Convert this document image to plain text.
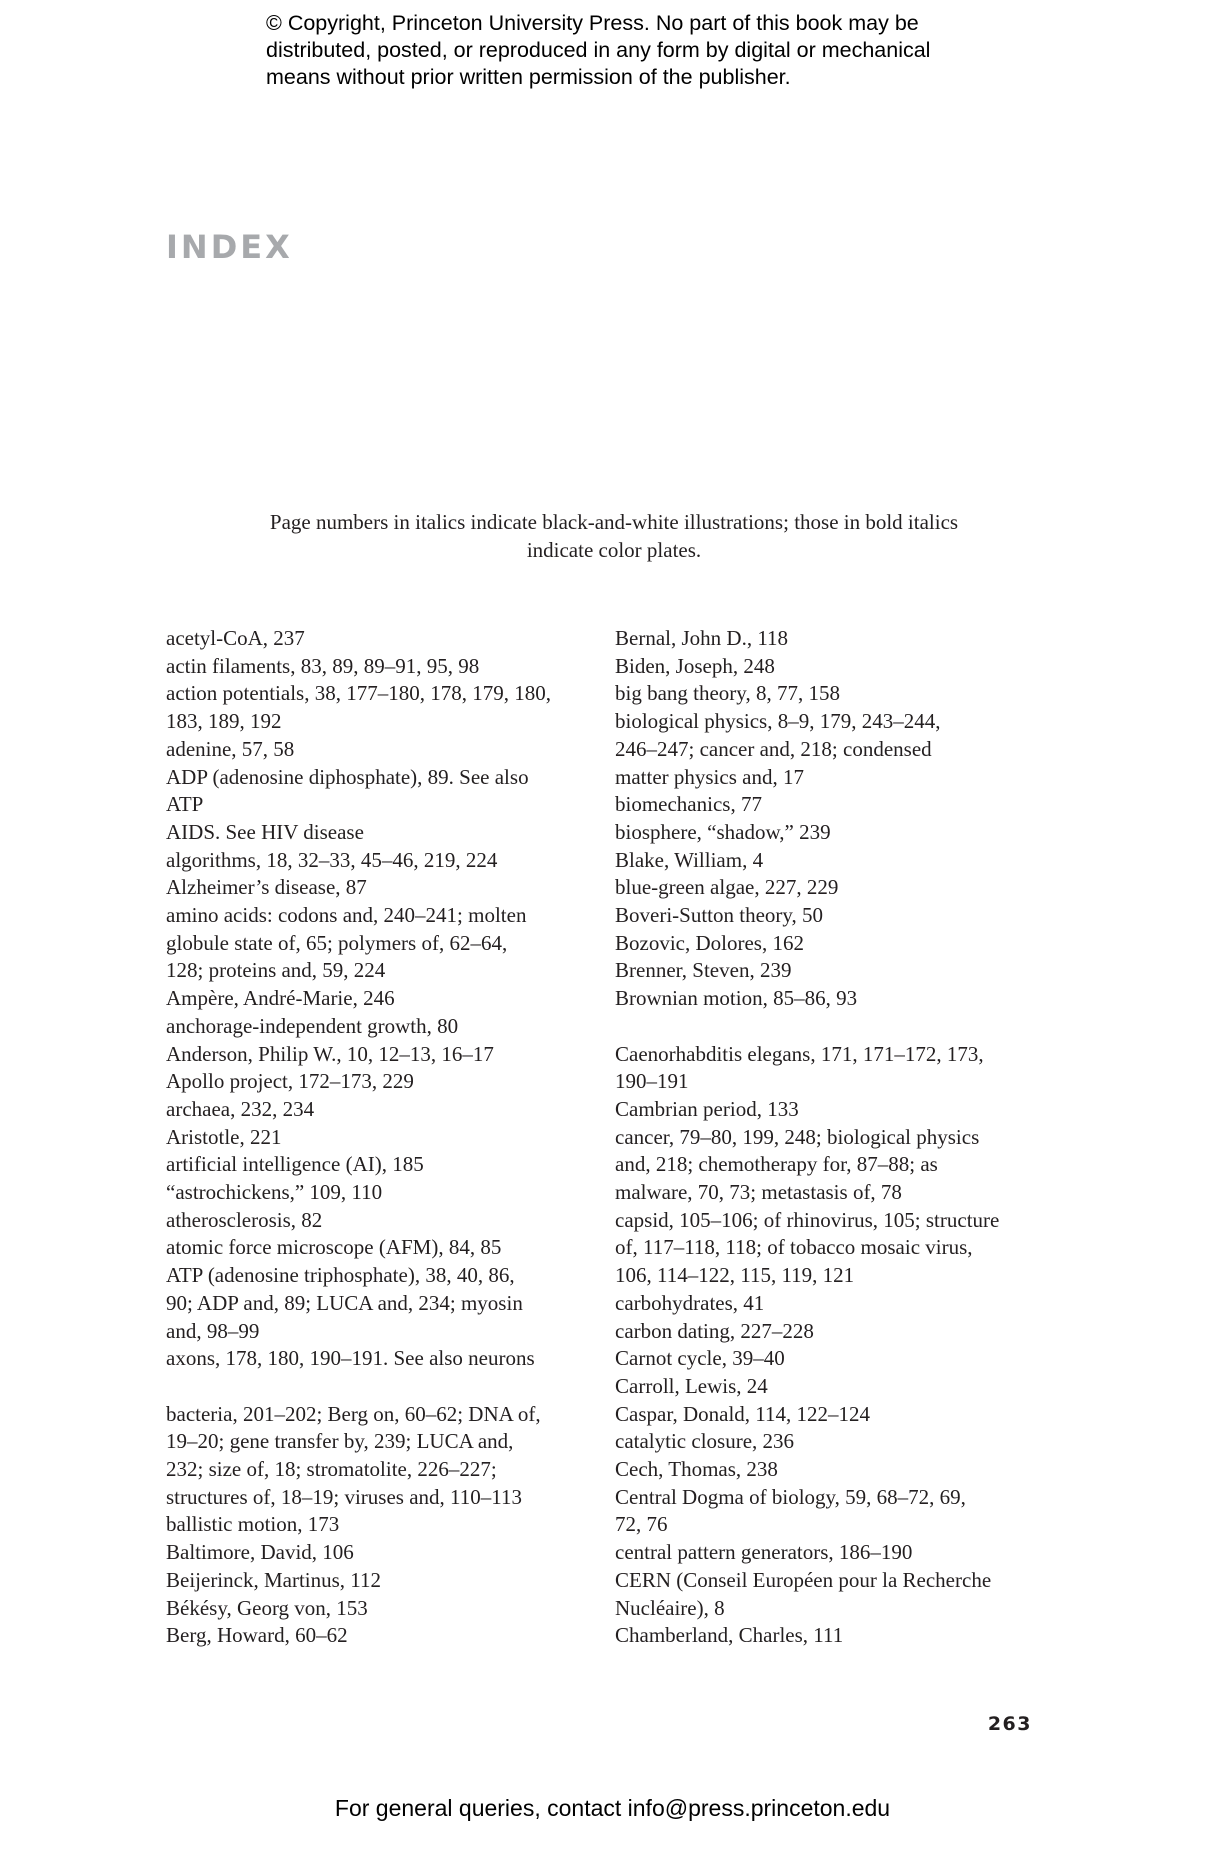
© Copyright, Princeton University Press. No part of this book may be
distributed, posted, or reproduced in any form by digital or mechanical
means without prior written permission of the publisher.
INDEX
Page numbers in italics indicate black-and-white illustrations; those in bold italics
indicate color plates.
acetyl-CoA, 237
actin filaments, 83, 89, 89–91, 95, 98
action potentials, 38, 177–180, 178, 179, 180,
183, 189, 192
adenine, 57, 58
ADP (adenosine diphosphate), 89. See also
ATP
AIDS. See HIV disease
algorithms, 18, 32–33, 45–46, 219, 224
Alzheimer’s disease, 87
amino acids: codons and, 240–241; molten
globule state of, 65; polymers of, 62–64,
128; proteins and, 59, 224
Ampère, André-Marie, 246
anchorage-independent growth, 80
Anderson, Philip W., 10, 12–13, 16–17
Apollo project, 172–173, 229
archaea, 232, 234
Aristotle, 221
artificial intelligence (AI), 185
“astrochickens,” 109, 110
atherosclerosis, 82
atomic force microscope (AFM), 84, 85
ATP (adenosine triphosphate), 38, 40, 86,
90; ADP and, 89; LUCA and, 234; myosin
and, 98–99
axons, 178, 180, 190–191. See also neurons
bacteria, 201–202; Berg on, 60–62; DNA of,
19–20; gene transfer by, 239; LUCA and,
232; size of, 18; stromatolite, 226–227;
structures of, 18–19; viruses and, 110–113
ballistic motion, 173
Baltimore, David, 106
Beijerinck, Martinus, 112
Békésy, Georg von, 153
Berg, Howard, 60–62
Bernal, John D., 118
Biden, Joseph, 248
big bang theory, 8, 77, 158
biological physics, 8–9, 179, 243–244,
246–247; cancer and, 218; condensed
matter physics and, 17
biomechanics, 77
biosphere, “shadow,” 239
Blake, William, 4
blue-green algae, 227, 229
Boveri-Sutton theory, 50
Bozovic, Dolores, 162
Brenner, Steven, 239
Brownian motion, 85–86, 93
Caenorhabditis elegans, 171, 171–172, 173,
190–191
Cambrian period, 133
cancer, 79–80, 199, 248; biological physics
and, 218; chemotherapy for, 87–88; as
malware, 70, 73; metastasis of, 78
capsid, 105–106; of rhinovirus, 105; structure
of, 117–118, 118; of tobacco mosaic virus,
106, 114–122, 115, 119, 121
carbohydrates, 41
carbon dating, 227–228
Carnot cycle, 39–40
Carroll, Lewis, 24
Caspar, Donald, 114, 122–124
catalytic closure, 236
Cech, Thomas, 238
Central Dogma of biology, 59, 68–72, 69,
72, 76
central pattern generators, 186–190
CERN (Conseil Européen pour la Recherche
Nucléaire), 8
Chamberland, Charles, 111
263
For general queries, contact info@press.princeton.edu
